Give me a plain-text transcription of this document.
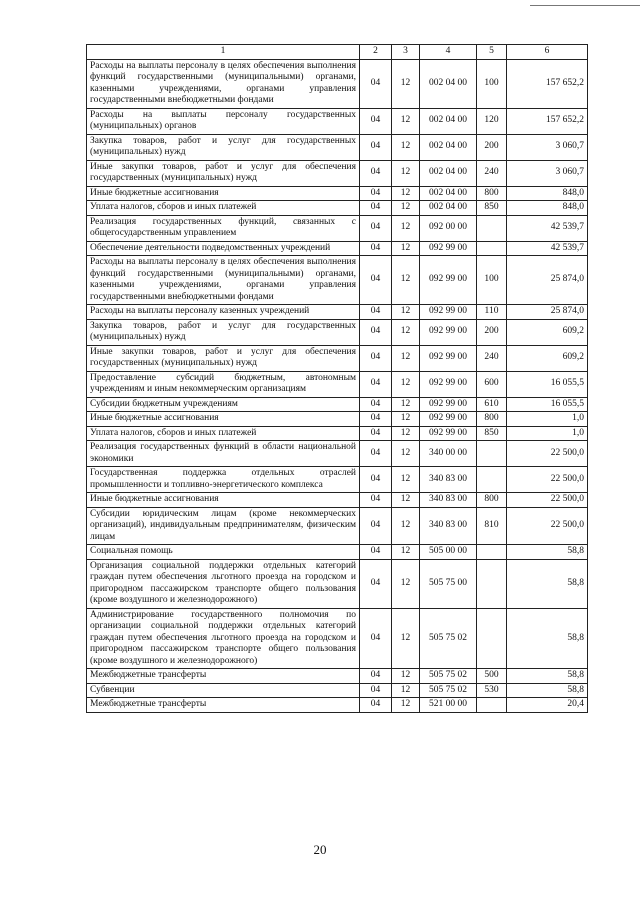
1	2	3	4	5	6
Расходы на выплаты персоналу в целях обеспечения выполнения функций государственными (муниципальными) органами, казенными учреждениями, органами управления государственными внебюджетными фондами	04	12	002 04 00	100	157 652,2
Расходы на выплаты персоналу государственных (муниципальных) органов	04	12	002 04 00	120	157 652,2
Закупка товаров, работ и услуг для государственных (муниципальных) нужд	04	12	002 04 00	200	3 060,7
Иные закупки товаров, работ и услуг для обеспечения государственных (муниципальных) нужд	04	12	002 04 00	240	3 060,7
Иные бюджетные ассигнования	04	12	002 04 00	800	848,0
Уплата налогов, сборов и иных платежей	04	12	002 04 00	850	848,0
Реализация государственных функций, связанных с общегосударственным управлением	04	12	092 00 00		42 539,7
Обеспечение деятельности подведомственных учреждений	04	12	092 99 00		42 539,7
Расходы на выплаты персоналу в целях обеспечения выполнения функций государственными (муниципальными) органами, казенными учреждениями, органами управления государственными внебюджетными фондами	04	12	092 99 00	100	25 874,0
Расходы на выплаты персоналу казенных учреждений	04	12	092 99 00	110	25 874,0
Закупка товаров, работ и услуг для государственных (муниципальных) нужд	04	12	092 99 00	200	609,2
Иные закупки товаров, работ и услуг для обеспечения государственных (муниципальных) нужд	04	12	092 99 00	240	609,2
Предоставление субсидий бюджетным, автономным учреждениям и иным некоммерческим организациям	04	12	092 99 00	600	16 055,5
Субсидии бюджетным учреждениям	04	12	092 99 00	610	16 055,5
Иные бюджетные ассигнования	04	12	092 99 00	800	1,0
Уплата налогов, сборов и иных платежей	04	12	092 99 00	850	1,0
Реализация государственных функций в области национальной экономики	04	12	340 00 00		22 500,0
Государственная поддержка отдельных отраслей промышленности и топливно-энергетического комплекса	04	12	340 83 00		22 500,0
Иные бюджетные ассигнования	04	12	340 83 00	800	22 500,0
Субсидии юридическим лицам (кроме некоммерческих организаций), индивидуальным предпринимателям, физическим лицам	04	12	340 83 00	810	22 500,0
Социальная помощь	04	12	505 00 00		58,8
Организация социальной поддержки отдельных категорий граждан путем обеспечения льготного проезда на городском и пригородном пассажирском транспорте общего пользования (кроме воздушного и железнодорожного)	04	12	505 75 00		58,8
Администрирование государственного полномочия по организации социальной поддержки отдельных категорий граждан путем обеспечения льготного проезда на городском и пригородном пассажирском транспорте общего пользования (кроме воздушного и железнодорожного)	04	12	505 75 02		58,8
Межбюджетные трансферты	04	12	505 75 02	500	58,8
Субвенции	04	12	505 75 02	530	58,8
Межбюджетные трансферты	04	12	521 00 00		20,4
20
